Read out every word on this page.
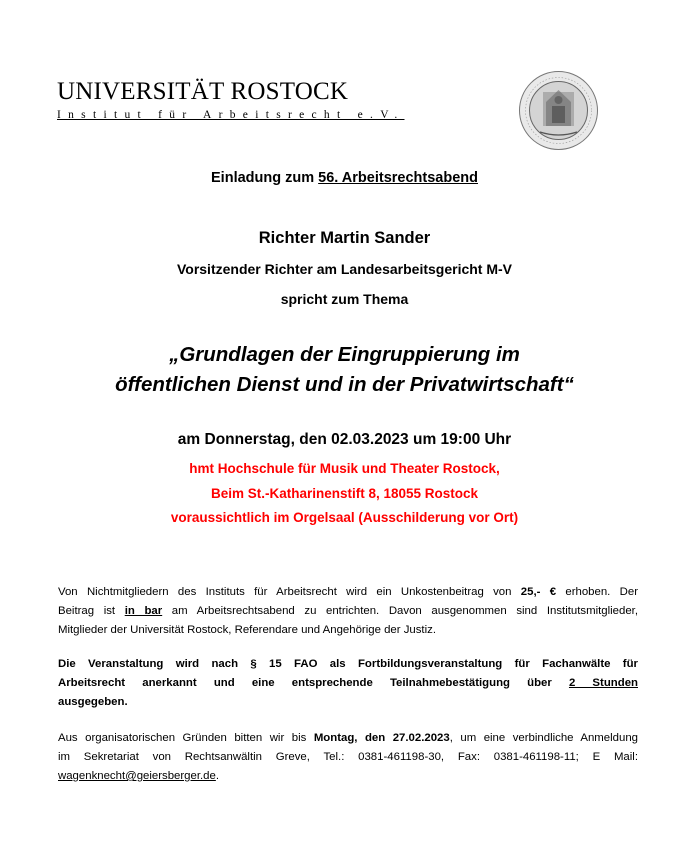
UNIVERSITÄT ROSTOCK
Institut für Arbeitsrecht e.V.
Einladung zum 56. Arbeitsrechtsabend
Richter Martin Sander
Vorsitzender Richter am Landesarbeitsgericht M-V
spricht zum Thema
„Grundlagen der Eingruppierung im
öffentlichen Dienst und in der Privatwirtschaft“
am Donnerstag, den 02.03.2023 um 19:00 Uhr
hmt Hochschule für Musik und Theater Rostock,
Beim St.-Katharinenstift 8, 18055 Rostock
voraussichtlich im Orgelsaal (Ausschilderung vor Ort)
Von Nichtmitgliedern des Instituts für Arbeitsrecht wird ein Unkostenbeitrag von 25,- € erhoben. Der
Beitrag ist in bar am Arbeitsrechtsabend zu entrichten. Davon ausgenommen sind Institutsmitglieder,
Mitglieder der Universität Rostock, Referendare und Angehörige der Justiz.
Die Veranstaltung wird nach § 15 FAO als Fortbildungsveranstaltung für Fachanwälte für
Arbeitsrecht anerkannt und eine entsprechende Teilnahmebestätigung über 2 Stunden
ausgegeben.
Aus organisatorischen Gründen bitten wir bis Montag, den 27.02.2023, um eine verbindliche Anmeldung
im Sekretariat von Rechtsanwältin Greve, Tel.: 0381-461198-30, Fax: 0381-461198-11; E Mail:
wagenknecht@geiersberger.de.
